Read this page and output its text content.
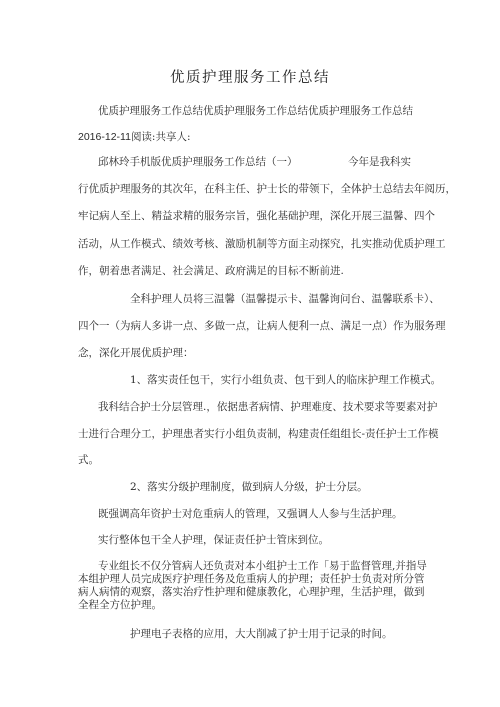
优质护理服务工作总结
优质护理服务工作总结优质护理服务工作总结优质护理服务工作总结
2016-12-11阅读:共享人:
邱林玲手机版优质护理服务工作总结（一）	今年是我科实
行优质护理服务的其次年，在科主任、护士长的带领下，全体护士总结去年阅历，
牢记病人至上、精益求精的服务宗旨，强化基础护理，深化开展三温馨、四个
活动，从工作模式、绩效考核、激励机制等方面主动探究，扎实推动优质护理工
作，朝着患者满足、社会满足、政府满足的目标不断前进.
全科护理人员将三温馨（温馨提示卡、温馨询问台、温馨联系卡）、
四个一（为病人多讲一点、多做一点，让病人便利一点、满足一点）作为服务理
念，深化开展优质护理：
1、落实责任包干，实行小组负责、包干到人的临床护理工作模式。
我科结合护士分层管理.，依据患者病情、护理难度、技术要求等要素对护
士进行合理分工，护理患者实行小组负责制，构建责任组组长-责任护士工作模
式。
2、落实分级护理制度，做到病人分级，护士分层。
既强调高年资护士对危重病人的管理，又强调人人参与生活护理。
实行整体包干全人护理，保证责任护士管床到位。
专业组长不仅分管病人还负责对本小组护士工作「易于监督管理,并指导本组护理人员完成医疗护理任务及危重病人的护理；责任护士负责对所分管病人病情的观察，落实治疗性护理和健康教化，心理护理，生活护理，做到全程全方位护理。
护理电子表格的应用，大大削减了护士用于记录的时间。
